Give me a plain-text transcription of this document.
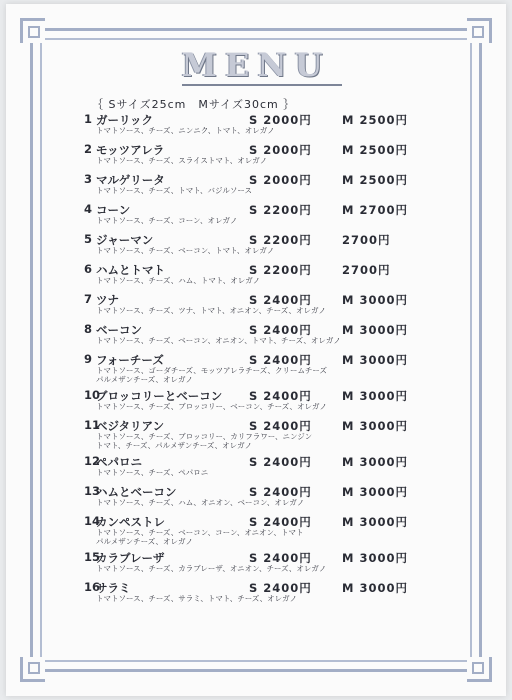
MENU
｛ Sサイズ25cm　Mサイズ30cm ｝
1 ガーリック	S 2000円	M 2500円
トマトソース、チーズ、ニンニク、トマト、オレガノ
2 モッツアレラ	S 2000円	M 2500円
トマトソース、チーズ、スライストマト、オレガノ
3 マルゲリータ	S 2000円	M 2500円
トマトソース、チーズ、トマト、バジルソース
4 コーン	S 2200円	M 2700円
トマトソース、チーズ、コーン、オレガノ
5 ジャーマン	S 2200円	2700円
トマトソース、チーズ、ベーコン、トマト、オレガノ
6 ハムとトマト	S 2200円	2700円
トマトソース、チーズ、ハム、トマト、オレガノ
7 ツナ	S 2400円	M 3000円
トマトソース、チーズ、ツナ、トマト、オニオン、チーズ、オレガノ
8 ベーコン	S 2400円	M 3000円
トマトソース、チーズ、ベーコン、オニオン、トマト、チーズ、オレガノ
9 フォーチーズ	S 2400円	M 3000円
トマトソース、ゴーダチーズ、モッツアレラチーズ、クリームチーズ
パルメザンチーズ、オレガノ
10
ブロッコリーとベーコン S 2400円	M 3000円
トマトソース、チーズ、ブロッコリー、ベーコン、チーズ、オレガノ
11
ベジタリアン	S 2400円	M 3000円
トマトソース、チーズ、ブロッコリー、カリフラワー、ニンジン
トマト、チーズ、パルメザンチーズ、オレガノ
12
ペパロニ	S 2400円	M 3000円
トマトソース、チーズ、ペパロニ
13
ハムとベーコン	S 2400円	M 3000円
トマトソース、チーズ、ハム、オニオン、ベーコン、オレガノ
14
カンペストレ	S 2400円	M 3000円
トマトソース、チーズ、ベーコン、コーン、オニオン、トマト
パルメザンチーズ、オレガノ
15
カラブレーザ	S 2400円	M 3000円
トマトソース、チーズ、カラブレーザ、オニオン、チーズ、オレガノ
16
サラミ	S 2400円	M 3000円
トマトソース、チーズ、サラミ、トマト、チーズ、オレガノ
